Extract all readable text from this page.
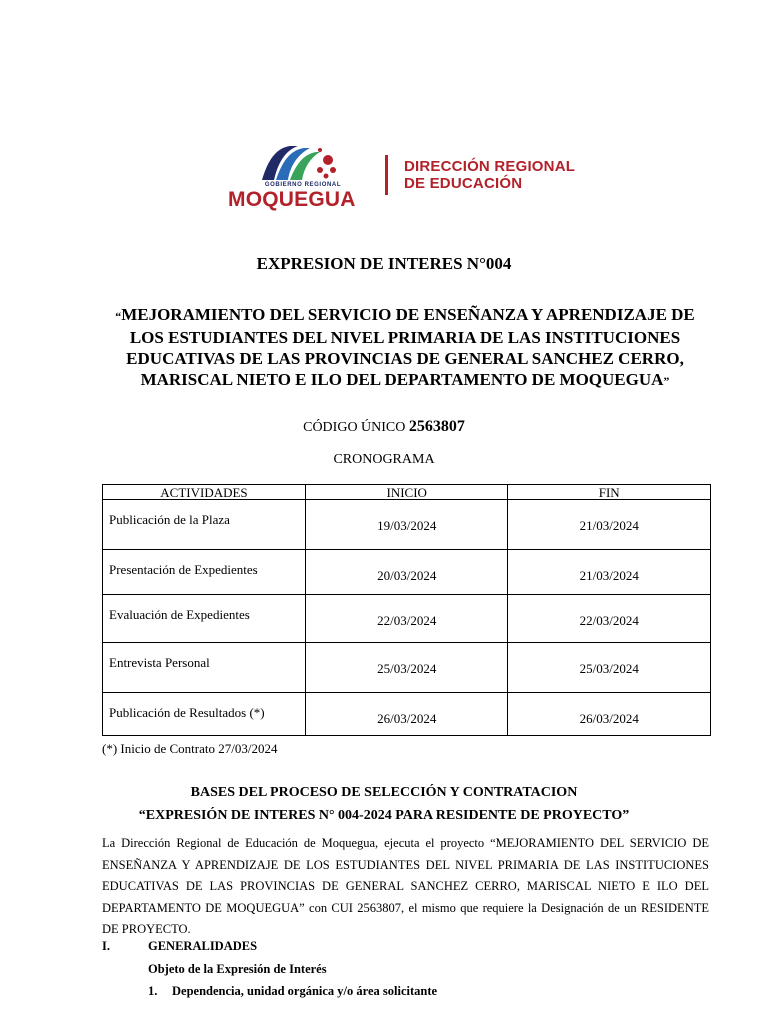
GOBIERNO REGIONAL
MOQUEGUA
DIRECCIÓN REGIONAL
DE EDUCACIÓN
EXPRESION DE INTERES N°004
“MEJORAMIENTO DEL SERVICIO DE ENSEÑANZA Y APRENDIZAJE DE LOS ESTUDIANTES DEL NIVEL PRIMARIA DE LAS INSTITUCIONES EDUCATIVAS DE LAS PROVINCIAS DE GENERAL SANCHEZ CERRO, MARISCAL NIETO E ILO DEL DEPARTAMENTO DE MOQUEGUA”
CÓDIGO ÚNICO 2563807
CRONOGRAMA
ACTIVIDADES	INICIO	FIN

Publicación de la Plaza	19/03/2024	21/03/2024

Presentación de Expedientes	20/03/2024	21/03/2024

Evaluación de Expedientes	22/03/2024	22/03/2024

Entrevista Personal	25/03/2024	25/03/2024

Publicación de Resultados (*)	26/03/2024	26/03/2024
(*) Inicio de Contrato 27/03/2024
BASES DEL PROCESO DE SELECCIÓN Y CONTRATACION
“EXPRESIÓN DE INTERES N° 004-2024 PARA RESIDENTE DE PROYECTO”
La Dirección Regional de Educación de Moquegua, ejecuta el proyecto “MEJORAMIENTO DEL SERVICIO DE ENSEÑANZA Y APRENDIZAJE DE LOS ESTUDIANTES DEL NIVEL PRIMARIA DE LAS INSTITUCIONES EDUCATIVAS DE LAS PROVINCIAS DE GENERAL SANCHEZ CERRO, MARISCAL NIETO E ILO DEL DEPARTAMENTO DE MOQUEGUA” con CUI 2563807, el mismo que requiere la Designación de un RESIDENTE DE PROYECTO.
I.	GENERALIDADES
Objeto de la Expresión de Interés
1. Dependencia, unidad orgánica y/o área solicitante
